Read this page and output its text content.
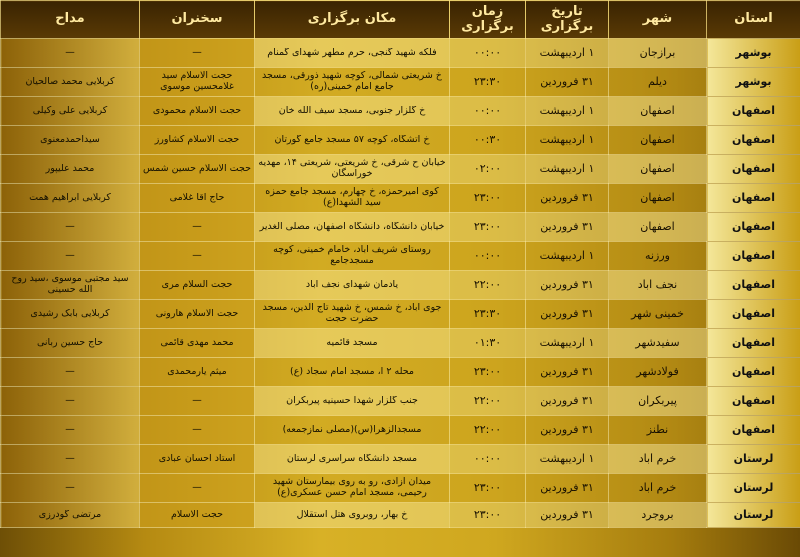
استان	شهر	تاریخ برگزاری	زمان برگزاری	مکان برگزاری	سخنران	مداح

بوشهر	برازجان	۱ اردیبهشت	۰۰:۰۰	فلکه شهید گنجی، حرم مطهر شهدای گمنام	—	—

بوشهر	دیلم	۳۱ فروردین	۲۳:۳۰	خ شریعتی شمالی، کوچه شهید ذورقی، مسجد جامع امام خمینی(ره)	حجت الاسلام سید غلامحسین موسوی	کربلایی محمد صالحیان

اصفهان	اصفهان	۱ اردیبهشت	۰۰:۰۰	خ گلزار جنوبی، مسجد سیف الله خان	حجت الاسلام محمودی	کربلایی علی وکیلی

اصفهان	اصفهان	۱ اردیبهشت	۰۰:۳۰	خ آتشگاه، کوچه ۵۷ مسجد جامع گورتان	حجت الاسلام کشاورز	سیداحمدمعنوی

اصفهان	اصفهان	۱ اردیبهشت	۰۲:۰۰	خیابان ح شرقی، خ شریعتی، شریعتی ۱۴، مهدیه خوراسگان	حجت الاسلام حسین شمس	محمد علیپور

اصفهان	اصفهان	۳۱ فروردین	۲۳:۰۰	کوی امیرحمزه، خ چهارم، مسجد جامع حمزه سید الشهدا(ع)	حاج آقا غلامی	کربلایی ابراهیم همت

اصفهان	اصفهان	۳۱ فروردین	۲۳:۰۰	خیابان دانشگاه، دانشگاه اصفهان، مصلی الغدیر	—	—

اصفهان	ورزنه	۱ اردیبهشت	۰۰:۰۰	روستای شریف آباد، خامام خمینی، کوچه مسجدجامع	—	—

اصفهان	نجف اباد	۳۱ فروردین	۲۲:۰۰	یادمان شهدای نجف آباد	حجت السلام مری	سید مجتبی موسوی ،سید روح الله حسینی

اصفهان	خمینی شهر	۳۱ فروردین	۲۳:۳۰	جوی آباد، خ شمس، خ شهید تاج الدین، مسجد حضرت حجت	حجت الاسلام هارونی	کربلایی بابک رشیدی

اصفهان	سفیدشهر	۱ اردیبهشت	۰۱:۳۰	مسجد قائمیه	محمد مهدی قائمی	حاج حسین ربانی

اصفهان	فولادشهر	۳۱ فروردین	۲۳:۰۰	محله ۲ آ، مسجد امام سجاد (ع)	میثم یارمحمدی	—

اصفهان	پیربکران	۳۱ فروردین	۲۲:۰۰	جنب گلزار شهدا حسینیه پیربکران	—	—

اصفهان	نطنز	۳۱ فروردین	۲۲:۰۰	مسجدالزهرا(س)(مصلی نمازجمعه)	—	—

لرستان	خرم آباد	۱ اردیبهشت	۰۰:۰۰	مسجد دانشگاه سراسری لرستان	استاد احسان عبادی	—

لرستان	خرم آباد	۳۱ فروردین	۲۳:۰۰	میدان آزادی، رو به روی بیمارستان شهید رحیمی، مسجد امام حسن عسکری(ع)	—	—

لرستان	بروجرد	۳۱ فروردین	۲۳:۰۰	خ بهار، روبروی هتل استقلال	حجت الاسلام	مرتضی گودرزی
